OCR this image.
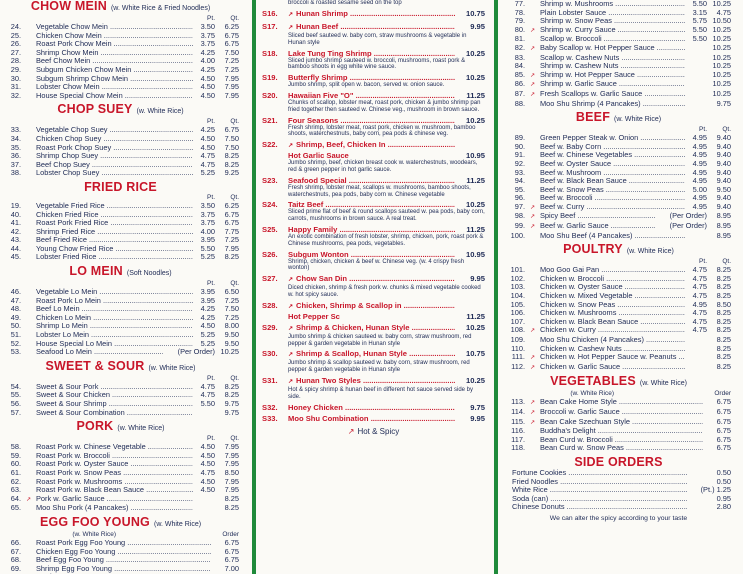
CHOW MEIN (w. White Rice & Fried Noodles)
Pt.	Qt.
24.	Vegetable Chow Mein .....	3.50	6.25
25.	Chicken Chow Mein .....	3.75	6.75
26.	Roast Pork Chow Mein .....	3.75	6.75
27.	Shrimp Chow Mein .....	4.25	7.50
28.	Beef Chow Mein .....	4.00	7.25
29.	Subgum Chicken Chow Mein .....	4.25	7.25
30.	Subgum Shrimp Chow Mein .....	4.50	7.95
31.	Lobster Chow Mein .....	4.50	7.95
32.	House Special Chow Mein .....	4.50	7.95
CHOP SUEY (w. White Rice)
Pt.	Qt.
33.	Vegetable Chop Suey .....	4.25	6.75
34.	Chicken Chop Suey .....	4.50	7.50
35.	Roast Pork Chop Suey .....	4.50	7.50
36.	Shrimp Chop Suey .....	4.75	8.25
37.	Beef Chop Suey .....	4.75	8.25
38.	Lobster Chop Suey .....	5.25	9.25
FRIED RICE
Pt.	Qt.
19.	Vegetable Fried Rice .....	3.50	6.25
40.	Chicken Fried Rice .....	3.75	6.75
41.	Roast Pork Fried Rice .....	3.75	6.75
42.	Shrimp Fried Rice .....	4.00	7.75
43.	Beef Fried Rice .....	3.95	7.25
44.	Young Chow Fried Rice .....	5.50	7.95
45.	Lobster Fried Rice .....	5.25	8.25
LO MEIN (Soft Noodles)
Pt.	Qt.
46.	Vegetable Lo Mein .....	3.95	6.50
47.	Roast Pork Lo Mein .....	3.95	7.25
48.	Beef Lo Mein .....	4.25	7.50
49.	Chicken Lo Mein .....	4.25	7.25
50.	Shrimp Lo Mein .....	4.50	8.00
51.	Lobster Lo Mein .....	5.25	9.50
52.	House Special Lo Mein .....	5.25	9.50
53.	Seafood Lo Mein .....	(Per Order) 10.25
SWEET & SOUR (w. White Rice)
Pt.	Qt.
54.	Sweet & Sour Pork .....	4.75	8.25
55.	Sweet & Sour Chicken .....	4.75	8.25
56.	Sweet & Sour Shrimp .....	5.50	9.75
57.	Sweet & Sour Combination .....	9.75
PORK (w. White Rice)
Pt.	Qt.
58.	Roast Pork w. Chinese Vegetable .....	4.50	7.95
59.	Roast Pork w. Broccoli .....	4.50	7.95
60.	Roast Pork w. Oyster Sauce .....	4.50	7.95
61.	Roast Pork w. Snow Peas .....	4.75	8.50
62.	Roast Pork w. Mushrooms .....	4.50	7.95
63.	Roast Pork w. Black Bean Sauce .....	4.50	7.95
64. ↗ Pork w. Garlic Sauce .....	8.25
65.	Moo Shu Pork (4 Pancakes) .....	8.25
EGG FOO YOUNG (w. White Rice)
(w. White Rice)	Order
66.	Roast Pork Egg Foo Young .....	6.75
67.	Chicken Egg Foo Young .....	6.75
68.	Beef Egg Foo Young .....	6.75
69.	Shrimp Egg Foo Young .....	7.00
.....
broccoli & roasted sesame seed on the top
S16.	↗ Hunan Shrimp .....	10.75
S17.	↗ Hunan Beef .....	9.95
Sliced beef sauteed w. baby corn, straw mushrooms & vegetable in Hunan style
S18.	Lake Tung Ting Shrimp .....	10.25
Sliced jumbo shrimp sauteed w. broccoli, mushrooms, roast pork & bamboo shoots in egg white wine sauce.
S19.	Butterfly Shrimp .....	10.25
Jumbo shrimp, split open w. bacon, served w. onion sauce.
S20.	Hawaiian Five "O" .....	11.25
Chunks of scallop, lobster meat, roast pork, chicken & jumbo shrimp pan fried together then sauteed w. Chinese veg., mushroom in brown sauce.
S21.	Four Seasons .....	10.25
Fresh shrimp, lobster meat, roast pork, chicken w. mushroom, bamboo shoots, waterchestnuts, baby corn, pea pods & chinese veg.
S22.	↗ Shrimp, Beef, Chicken In .....
Hot Garlic Sauce	10.95
Jumbo shrimp, beef, chicken breast cook w. waterchestnuts, woodears, red & green pepper in hot garlic sauce.
S23.	Seafood Special .....	11.25
Fresh shrimp, lobster meat, scallops w. mushrooms, bamboo shoots, waterchestnuts, pea pods, baby corn w. Chinese vegetable
S24.	Taitz Beef .....	10.25
Sliced prime flat of beef & round scallops sauteed w. pea pods, baby corn, carrots, mushrooms in brown sauce. A real treat.
S25.	Happy Family .....	11.25
An exotic combination of fresh lobster, shrimp, chicken, pork, roast pork & Chinese mushrooms, pea pods, vegetables.
S26.	Subgum Wonton .....	10.95
Shrimp, chicken, chicken & beef w. Chinese veg. (w. 4 crispy fresh wonton)
S27.	↗ Chow San Din .....	9.95
Diced chicken, shrimp & fresh pork w. chunks & mixed vegetable cooked w. hot spicy sauce.
S28.	↗ Chicken, Shrimp & Scallop in .....
Hot Pepper Sc	11.25
S29.	↗ Shrimp & Chicken, Hunan Style .....	10.25
Jumbo shrimp & chicken sauteed w. baby corn, straw mushroom, red pepper & garden vegetable in Hunan style
S30.	↗ Shrimp & Scallop, Hunan Style .....	10.75
Jumbo shrimp & scallop sauteed w. baby corn, straw mushroom, red pepper & garden vegetable in Hunan style
S31.	↗ Hunan Two Styles .....	10.25
Hot & spicy shrimp & hunan beef in different hot sauce served side by side.
S32.	Honey Chicken .....	9.75
S33.	Moo Shu Combination .....	9.95
↗ Hot & Spicy
77.	Shrimp w. Mushrooms .....	5.50 10.25
78.	Plain Lobster Sauce .....	3.15	4.75
79.	Shrimp w. Snow Peas .....	5.75 10.50
80. ↗ Shrimp w. Curry Sauce .....	5.50 10.25
81.	Scallop w. Broccoli .....	5.50 10.25
82. ↗ Baby Scallop w. Hot Pepper Sauce .....	10.25
83.	Scallop w. Cashew Nuts .....	10.25
84.	Shrimp w. Cashew Nuts .....	10.25
85. ↗ Shrimp w. Hot Pepper Sauce .....	10.25
86. ↗ Shrimp w. Garlic Sauce .....	10.25
87. ↗ Fresh Scallops w. Garlic Sauce .....	10.25
88.	Moo Shu Shrimp (4 Pancakes) .....	9.75
BEEF (w. White Rice)
Pt.	Qt.
89.	Green Pepper Steak w. Onion .....	4.95	9.40
90.	Beef w. Baby Corn .....	4.95	9.40
91.	Beef w. Chinese Vegetables .....	4.95	9.40
92.	Beef w. Oyster Sauce .....	4.95	9.40
93.	Beef w. Mushroom .....	4.95	9.40
94.	Beef w. Black Bean Sauce .....	4.95	9.40
95.	Beef w. Snow Peas .....	5.00	9.50
96.	Beef w. Broccoli .....	4.95	9.40
97. ↗ Beef w. Curry .....	4.95	9.40
98. ↗ Spicy Beef .....	(Per Order)	8.95
99. ↗ Beef w. Garlic Sauce .....	(Per Order)	8.95
100.	Moo Shu Beef (4 Pancakes) .....	8.95
POULTRY (w. White Rice)
Pt.	Qt.
101.	Moo Goo Gai Pan .....	4.75	8.25
102.	Chicken w. Broccoli .....	4.75	8.25
103.	Chicken w. Oyster Sauce .....	4.75	8.25
104.	Chicken w. Mixed Vegetable .....	4.75	8.25
105.	Chicken w. Snow Peas .....	4.95	8.50
106.	Chicken w. Mushrooms .....	4.75	8.25
107.	Chicken w. Black Bean Sauce .....	4.75	8.25
108. ↗ Chicken w. Curry .....	4.75	8.25
109.	Moo Shu Chicken (4 Pancakes) .....	8.25
110.	Chicken w. Cashew Nuts .....	8.25
111. ↗ Chicken w. Hot Pepper Sauce w. Peanuts .....	8.25
112. ↗ Chicken w. Garlic Sauce .....	8.25
VEGETABLES (w. White Rice)
(w. White Rice)	Order
113. ↗ Bean Cake Home Style .....	6.75
114. ↗ Broccoli w. Garlic Sauce .....	6.75
115. ↗ Bean Cake Szechuan Style .....	6.75
116.	Buddha's Delight .....	6.75
117.	Bean Curd w. Broccoli .....	6.75
118.	Bean Curd w. Snow Peas .....	6.75
SIDE ORDERS
Fortune Cookies .....	0.50
Fried Noodles .....	0.50
White Rice .....	(Pt.) 1.25
Soda (can) .....	0.95
Chinese Donuts .....	2.80
We can alter the spicy according to your taste
